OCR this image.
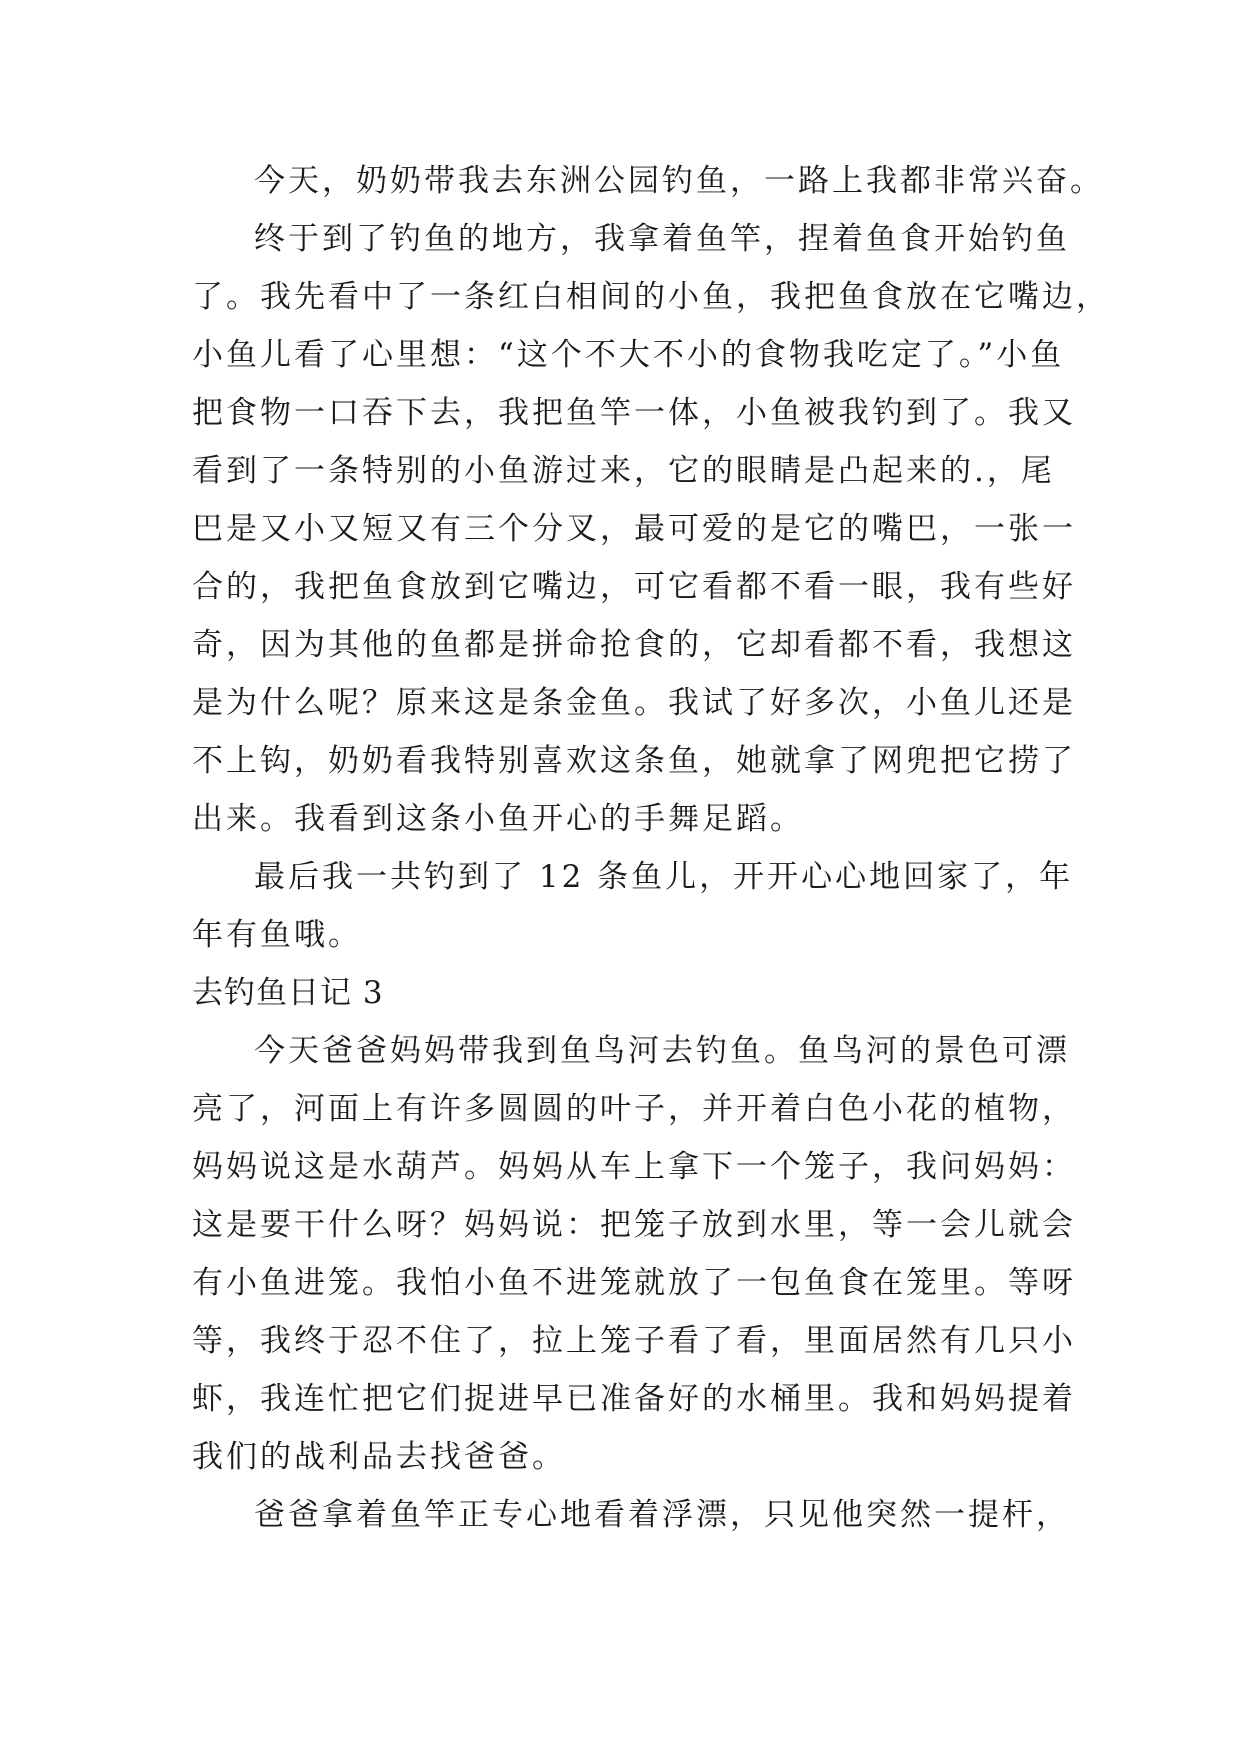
今天，奶奶带我去东洲公园钓鱼，一路上我都非常兴奋。
终于到了钓鱼的地方，我拿着鱼竿，捏着鱼食开始钓鱼
了。我先看中了一条红白相间的小鱼，我把鱼食放在它嘴边，
小鱼儿看了心里想：“这个不大不小的食物我吃定了。”小鱼
把食物一口吞下去，我把鱼竿一体，小鱼被我钓到了。我又
看到了一条特别的小鱼游过来，它的眼睛是凸起来的.，尾
巴是又小又短又有三个分叉，最可爱的是它的嘴巴，一张一
合的，我把鱼食放到它嘴边，可它看都不看一眼，我有些好
奇，因为其他的鱼都是拼命抢食的，它却看都不看，我想这
是为什么呢？原来这是条金鱼。我试了好多次，小鱼儿还是
不上钩，奶奶看我特别喜欢这条鱼，她就拿了网兜把它捞了
出来。我看到这条小鱼开心的手舞足蹈。
最后我一共钓到了 12 条鱼儿，开开心心地回家了，年
年有鱼哦。
去钓鱼日记 3
今天爸爸妈妈带我到鱼鸟河去钓鱼。鱼鸟河的景色可漂
亮了，河面上有许多圆圆的叶子，并开着白色小花的植物，
妈妈说这是水葫芦。妈妈从车上拿下一个笼子，我问妈妈：
这是要干什么呀？妈妈说：把笼子放到水里，等一会儿就会
有小鱼进笼。我怕小鱼不进笼就放了一包鱼食在笼里。等呀
等，我终于忍不住了，拉上笼子看了看，里面居然有几只小
虾，我连忙把它们捉进早已准备好的水桶里。我和妈妈提着
我们的战利品去找爸爸。
爸爸拿着鱼竿正专心地看着浮漂，只见他突然一提杆，
